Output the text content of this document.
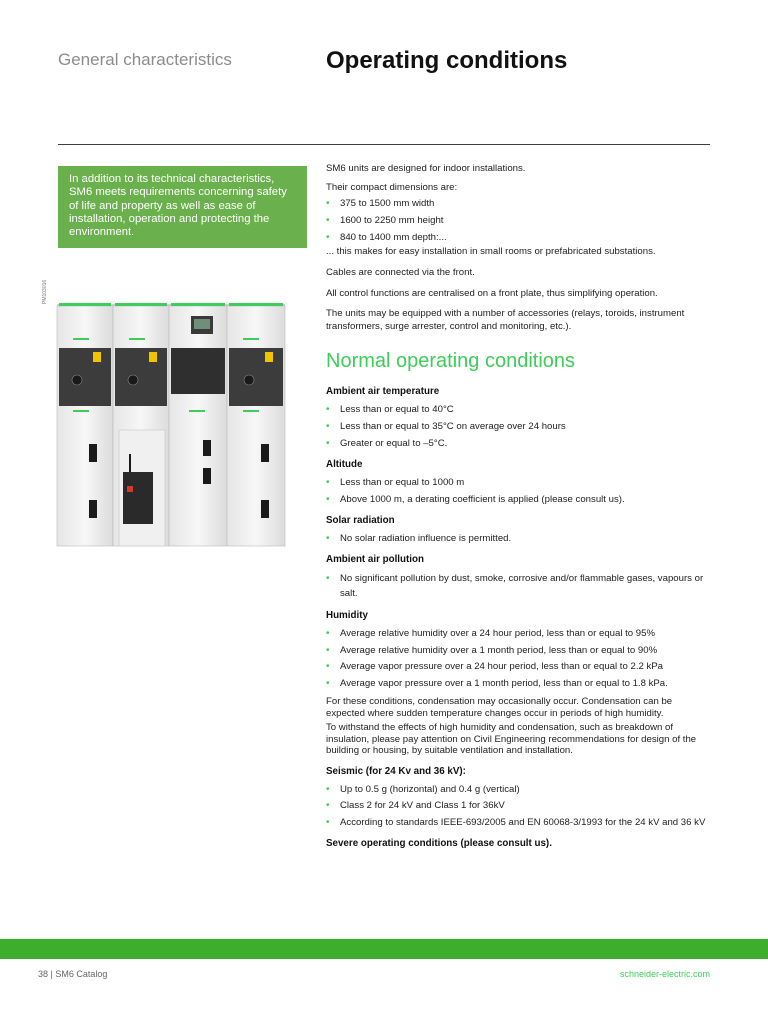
General characteristics	Operating conditions
In addition to its technical characteristics, SM6 meets requirements concerning safety of life and property as well as ease of installation, operation and protecting the environment.
PM103016

SM6 units are designed for indoor installations.

Their compact dimensions are:

• 375 to 1500 mm width
• 1600 to 2250 mm height
• 840 to 1400 mm depth:...

... this makes for easy installation in small rooms or prefabricated substations.

Cables are connected via the front.

All control functions are centralised on a front plate, thus simplifying operation.

The units may be equipped with a number of accessories (relays, toroids, instrument transformers, surge arrester, control and monitoring, etc.).

Normal operating conditions
Ambient air temperature
• Less than or equal to 40°C
• Less than or equal to 35°C on average over 24 hours
• Greater or equal to –5°C.
Altitude
• Less than or equal to 1000 m
• Above 1000 m, a derating coefficient is applied (please consult us).
Solar radiation
• No solar radiation influence is permitted.
Ambient air pollution
• No significant pollution by dust, smoke, corrosive and/or flammable gases, vapours or salt.
Humidity
• Average relative humidity over a 24 hour period, less than or equal to 95%
• Average relative humidity over a 1 month period, less than or equal to 90%
• Average vapor pressure over a 24 hour period, less than or equal to 2.2 kPa
• Average vapor pressure over a 1 month period, less than or equal to 1.8 kPa.

For these conditions, condensation may occasionally occur. Condensation can be expected where sudden temperature changes occur in periods of high humidity.

To withstand the effects of high humidity and condensation, such as breakdown of insulation, please pay attention on Civil Engineering recommendations for design of the building or housing, by suitable ventilation and installation.

Seismic (for 24 Kv and 36 kV):
• Up to 0.5 g (horizontal) and 0.4 g (vertical)
• Class 2 for 24 kV and Class 1 for 36kV
• According to standards IEEE-693/2005 and EN 60068-3/1993 for the 24 kV and 36 kV
Severe operating conditions (please consult us).
38 | SM6 Catalog	schneider-electric.com
